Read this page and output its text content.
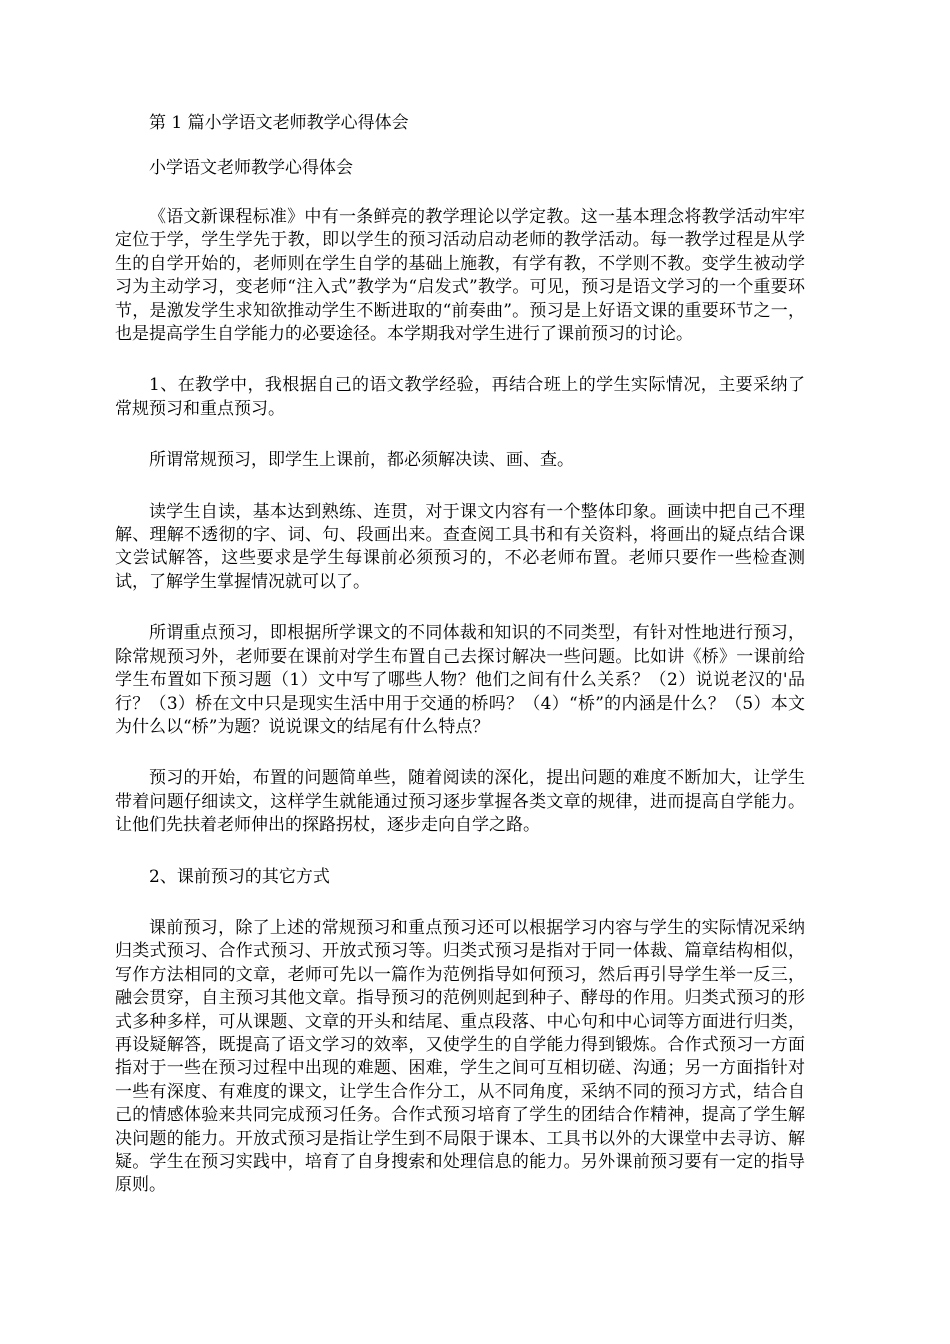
第 1 篇小学语文老师教学心得体会

小学语文老师教学心得体会

《语文新课程标准》中有一条鲜亮的教学理论以学定教。这一基本理念将教学活动牢牢定位于学，学生学先于教，即以学生的预习活动启动老师的教学活动。每一教学过程是从学生的自学开始的，老师则在学生自学的基础上施教，有学有教，不学则不教。变学生被动学习为主动学习，变老师“注入式”教学为“启发式”教学。可见，预习是语文学习的一个重要环节，是激发学生求知欲推动学生不断进取的“前奏曲”。预习是上好语文课的重要环节之一，也是提高学生自学能力的必要途径。本学期我对学生进行了课前预习的讨论。

1、在教学中，我根据自己的语文教学经验，再结合班上的学生实际情况，主要采纳了常规预习和重点预习。

所谓常规预习，即学生上课前，都必须解决读、画、查。

读学生自读，基本达到熟练、连贯，对于课文内容有一个整体印象。画读中把自己不理解、理解不透彻的字、词、句、段画出来。查查阅工具书和有关资料，将画出的疑点结合课文尝试解答，这些要求是学生每课前必须预习的，不必老师布置。老师只要作一些检查测试，了解学生掌握情况就可以了。

所谓重点预习，即根据所学课文的不同体裁和知识的不同类型，有针对性地进行预习，除常规预习外，老师要在课前对学生布置自己去探讨解决一些问题。比如讲《桥》一课前给学生布置如下预习题（1）文中写了哪些人物？他们之间有什么关系？（2）说说老汉的'品行？（3）桥在文中只是现实生活中用于交通的桥吗？（4）“桥”的内涵是什么？（5）本文为什么以“桥”为题？说说课文的结尾有什么特点？

预习的开始，布置的问题简单些，随着阅读的深化，提出问题的难度不断加大，让学生带着问题仔细读文，这样学生就能通过预习逐步掌握各类文章的规律，进而提高自学能力。让他们先扶着老师伸出的探路拐杖，逐步走向自学之路。

2、课前预习的其它方式

课前预习，除了上述的常规预习和重点预习还可以根据学习内容与学生的实际情况采纳归类式预习、合作式预习、开放式预习等。归类式预习是指对于同一体裁、篇章结构相似，写作方法相同的文章，老师可先以一篇作为范例指导如何预习，然后再引导学生举一反三，融会贯穿，自主预习其他文章。指导预习的范例则起到种子、酵母的作用。归类式预习的形式多种多样，可从课题、文章的开头和结尾、重点段落、中心句和中心词等方面进行归类，再设疑解答，既提高了语文学习的效率，又使学生的自学能力得到锻炼。合作式预习一方面指对于一些在预习过程中出现的难题、困难，学生之间可互相切磋、沟通；另一方面指针对一些有深度、有难度的课文，让学生合作分工，从不同角度，采纳不同的预习方式，结合自己的情感体验来共同完成预习任务。合作式预习培育了学生的团结合作精神，提高了学生解决问题的能力。开放式预习是指让学生到不局限于课本、工具书以外的大课堂中去寻访、解疑。学生在预习实践中，培育了自身搜索和处理信息的能力。另外课前预习要有一定的指导原则。
